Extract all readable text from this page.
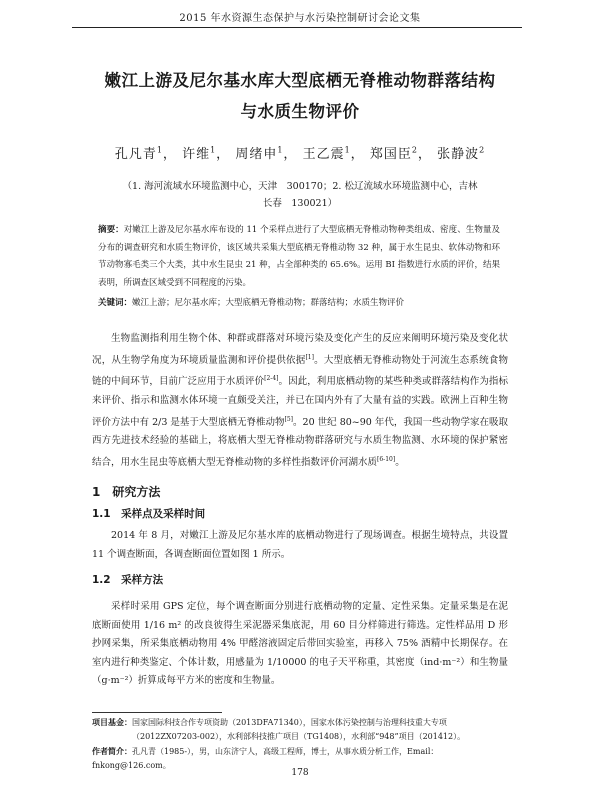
2015 年水资源生态保护与水污染控制研讨会论文集
嫩江上游及尼尔基水库大型底栖无脊椎动物群落结构
与水质生物评价
孔凡青$^1$， 许维$^1$， 周绪申$^1$， 王乙震$^1$， 郑国臣$^2$， 张静波$^2$
（1. 海河流域水环境监测中心，天津　300170；2. 松辽流域水环境监测中心，吉林
长春　130021）
摘要：对嫩江上游及尼尔基水库布设的 11 个采样点进行了大型底栖无脊椎动物种类组成、密度、生物量及分布的调查研究和水质生物评价，该区域共采集大型底栖无脊椎动物 32 种，属于水生昆虫、软体动物和环节动物寡毛类三个大类，其中水生昆虫 21 种，占全部种类的 65.6%。运用 BI 指数进行水质的评价，结果表明，所调查区域受到不同程度的污染。
关键词：嫩江上游；尼尔基水库；大型底栖无脊椎动物；群落结构；水质生物评价

生物监测指利用生物个体、种群或群落对环境污染及变化产生的反应来阐明环境污染及变化状况，从生物学角度为环境质量监测和评价提供依据[1]。大型底栖无脊椎动物处于河流生态系统食物链的中间环节，目前广泛应用于水质评价[2-4]。因此，利用底栖动物的某些种类或群落结构作为指标来评价、指示和监测水体环境一直颇受关注，并已在国内外有了大量有益的实践。欧洲上百种生物评价方法中有 2/3 是基于大型底栖无脊椎动物[5]。20 世纪 80~90 年代，我国一些动物学家在吸取西方先进技术经验的基础上，将底栖大型无脊椎动物群落研究与水质生物监测、水环境的保护紧密结合，用水生昆虫等底栖大型无脊椎动物的多样性指数评价河湖水质[6-10]。

1　研究方法
1.1　采样点及采样时间

2014 年 8 月，对嫩江上游及尼尔基水库的底栖动物进行了现场调查。根据生境特点，共设置 11 个调查断面，各调查断面位置如图 1 所示。

1.2　采样方法

采样时采用 GPS 定位，每个调查断面分别进行底栖动物的定量、定性采集。定量采集是在泥底断面使用 1/16 m² 的改良彼得生采泥器采集底泥，用 60 目分样筛进行筛选。定性样品用 D 形抄网采集，所采集底栖动物用 4% 甲醛溶液固定后带回实验室，再移入 75% 酒精中长期保存。在室内进行种类鉴定、个体计数，用感量为 1/10000 的电子天平称重，其密度（ind·m⁻²）和生物量（g·m⁻²）折算成每平方米的密度和生物量。

项目基金：国家国际科技合作专项资助（2013DFA71340），国家水体污染控制与治理科技重大专项
（2012ZX07203-002），水利部科技推广项目（TG1408），水利部“948”项目（201412）。
作者简介：孔凡青（1985-），男，山东济宁人，高级工程师，博士，从事水质分析工作，Email：fnkong@126.com。
178
